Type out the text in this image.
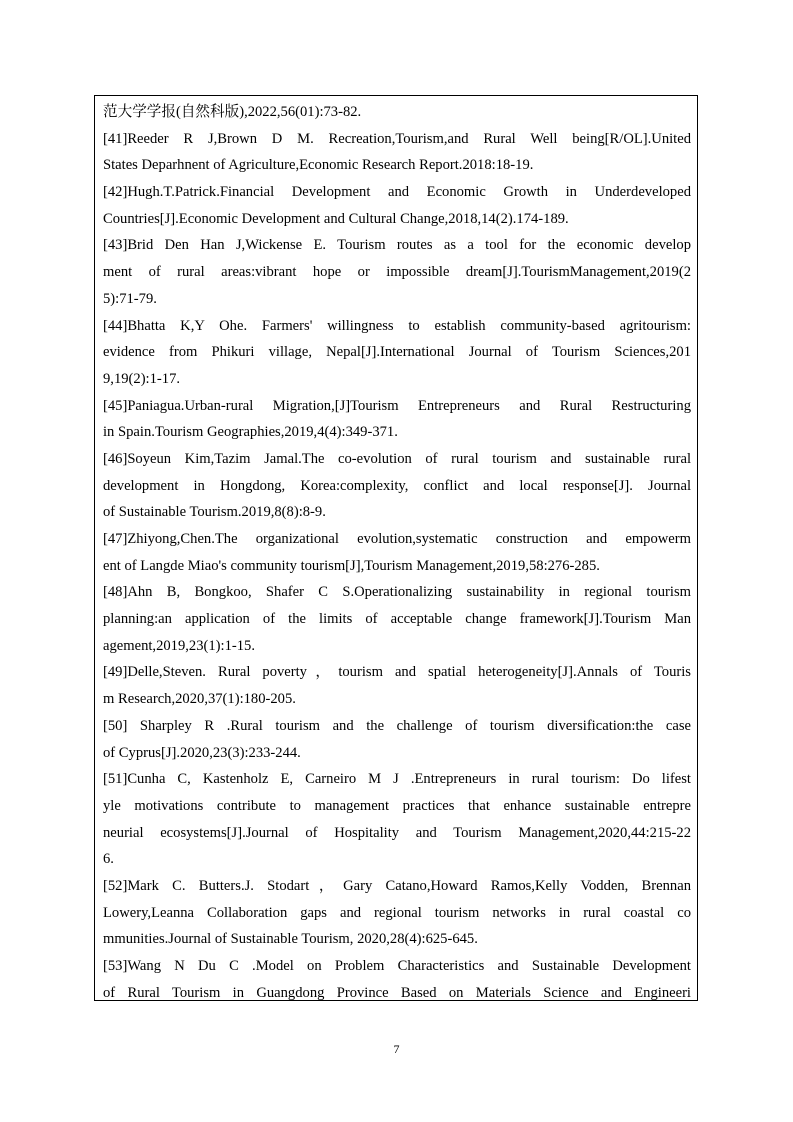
范大学学报(自然科版),2022,56(01):73-82.
[41]Reeder R J,Brown D M. Recreation,Tourism,and Rural Well being[R/OL].United
States Deparhnent of Agriculture,Economic Research Report.2018:18-19.
[42]Hugh.T.Patrick.Financial Development and Economic Growth in Underdeveloped
Countries[J].Economic Development and Cultural Change,2018,14(2).174-189.
[43]Brid Den Han J,Wickense E. Tourism routes as a tool for the economic develop
ment of rural areas:vibrant hope or impossible dream[J].TourismManagement,2019(2
5):71-79.
[44]Bhatta K,Y Ohe. Farmers' willingness to establish community-based agritourism:
evidence from Phikuri village, Nepal[J].International Journal of Tourism Sciences,201
9,19(2):1-17.
[45]Paniagua.Urban-rural Migration,[J]Tourism Entrepreneurs and Rural Restructuring
in Spain.Tourism Geographies,2019,4(4):349-371.
[46]Soyeun Kim,Tazim Jamal.The co-evolution of rural tourism and sustainable rural
development in Hongdong, Korea:complexity, conflict and local response[J]. Journal
of Sustainable Tourism.2019,8(8):8-9.
[47]Zhiyong,Chen.The organizational evolution,systematic construction and empowerm
ent of Langde Miao's community tourism[J],Tourism Management,2019,58:276-285.
[48]Ahn B, Bongkoo, Shafer C S.Operationalizing sustainability in regional tourism
planning:an application of the limits of acceptable change framework[J].Tourism Man
agement,2019,23(1):1-15.
[49]Delle,Steven. Rural poverty，tourism and spatial heterogeneity[J].Annals of Touris
m Research,2020,37(1):180-205.
[50] Sharpley R .Rural tourism and the challenge of tourism diversification:the case
of Cyprus[J].2020,23(3):233-244.
[51]Cunha C, Kastenholz E, Carneiro M J .Entrepreneurs in rural tourism: Do lifest
yle motivations contribute to management practices that enhance sustainable entrepre
neurial ecosystems[J].Journal of Hospitality and Tourism Management,2020,44:215-22
6.
[52]Mark C. Butters.J. Stodart，Gary Catano,Howard Ramos,Kelly Vodden, Brennan
Lowery,Leanna Collaboration gaps and regional tourism networks in rural coastal co
mmunities.Journal of Sustainable Tourism, 2020,28(4):625-645.
[53]Wang N Du C .Model on Problem Characteristics and Sustainable Development
of Rural Tourism in Guangdong Province Based on Materials Science and Engineeri
7
